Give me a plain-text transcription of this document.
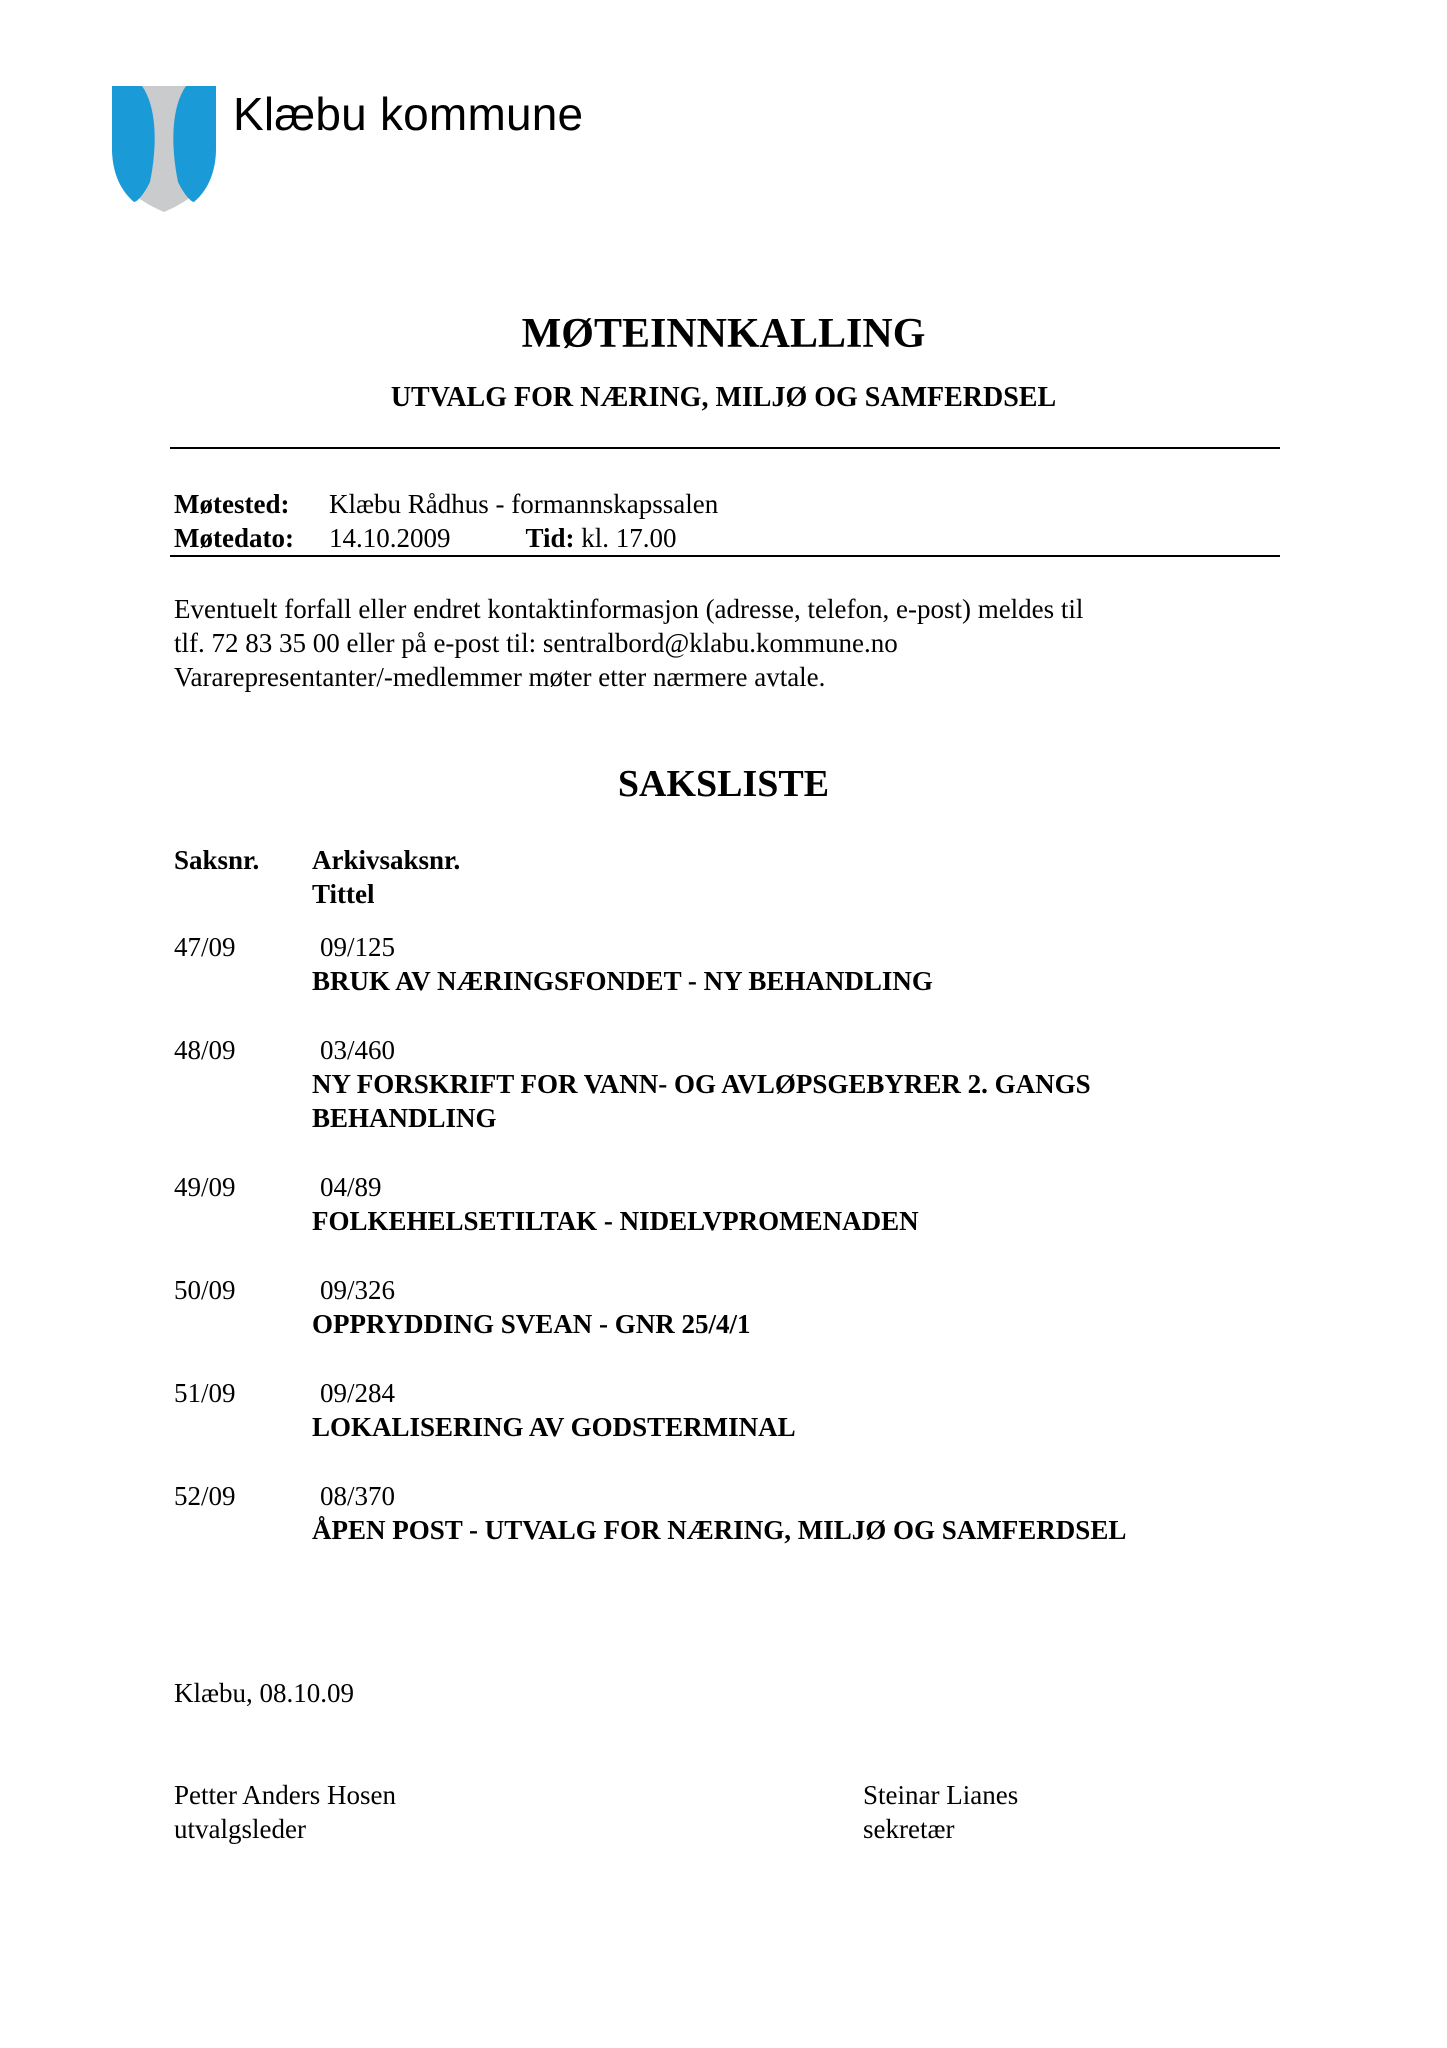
Klæbu kommune
MØTEINNKALLING
UTVALG FOR NÆRING, MILJØ OG SAMFERDSEL
Møtested: Klæbu Rådhus - formannskapssalen
Møtedato: 14.10.2009	Tid: kl. 17.00
Eventuelt forfall eller endret kontaktinformasjon (adresse, telefon, e-post) meldes til
tlf. 72 83 35 00 eller på e-post til: sentralbord@klabu.kommune.no
Vararepresentanter/-medlemmer møter etter nærmere avtale.
SAKSLISTE
Saksnr.	Arkivsaksnr.
Tittel
47/09	09/125
BRUK AV NÆRINGSFONDET - NY BEHANDLING
48/09	03/460
NY FORSKRIFT FOR VANN- OG AVLØPSGEBYRER 2. GANGS BEHANDLING
49/09	04/89
FOLKEHELSETILTAK - NIDELVPROMENADEN
50/09	09/326
OPPRYDDING SVEAN - GNR 25/4/1
51/09	09/284
LOKALISERING AV GODSTERMINAL
52/09	08/370
ÅPEN POST - UTVALG FOR NÆRING, MILJØ OG SAMFERDSEL
Klæbu, 08.10.09
Petter Anders Hosen
utvalgsleder
Steinar Lianes
sekretær
